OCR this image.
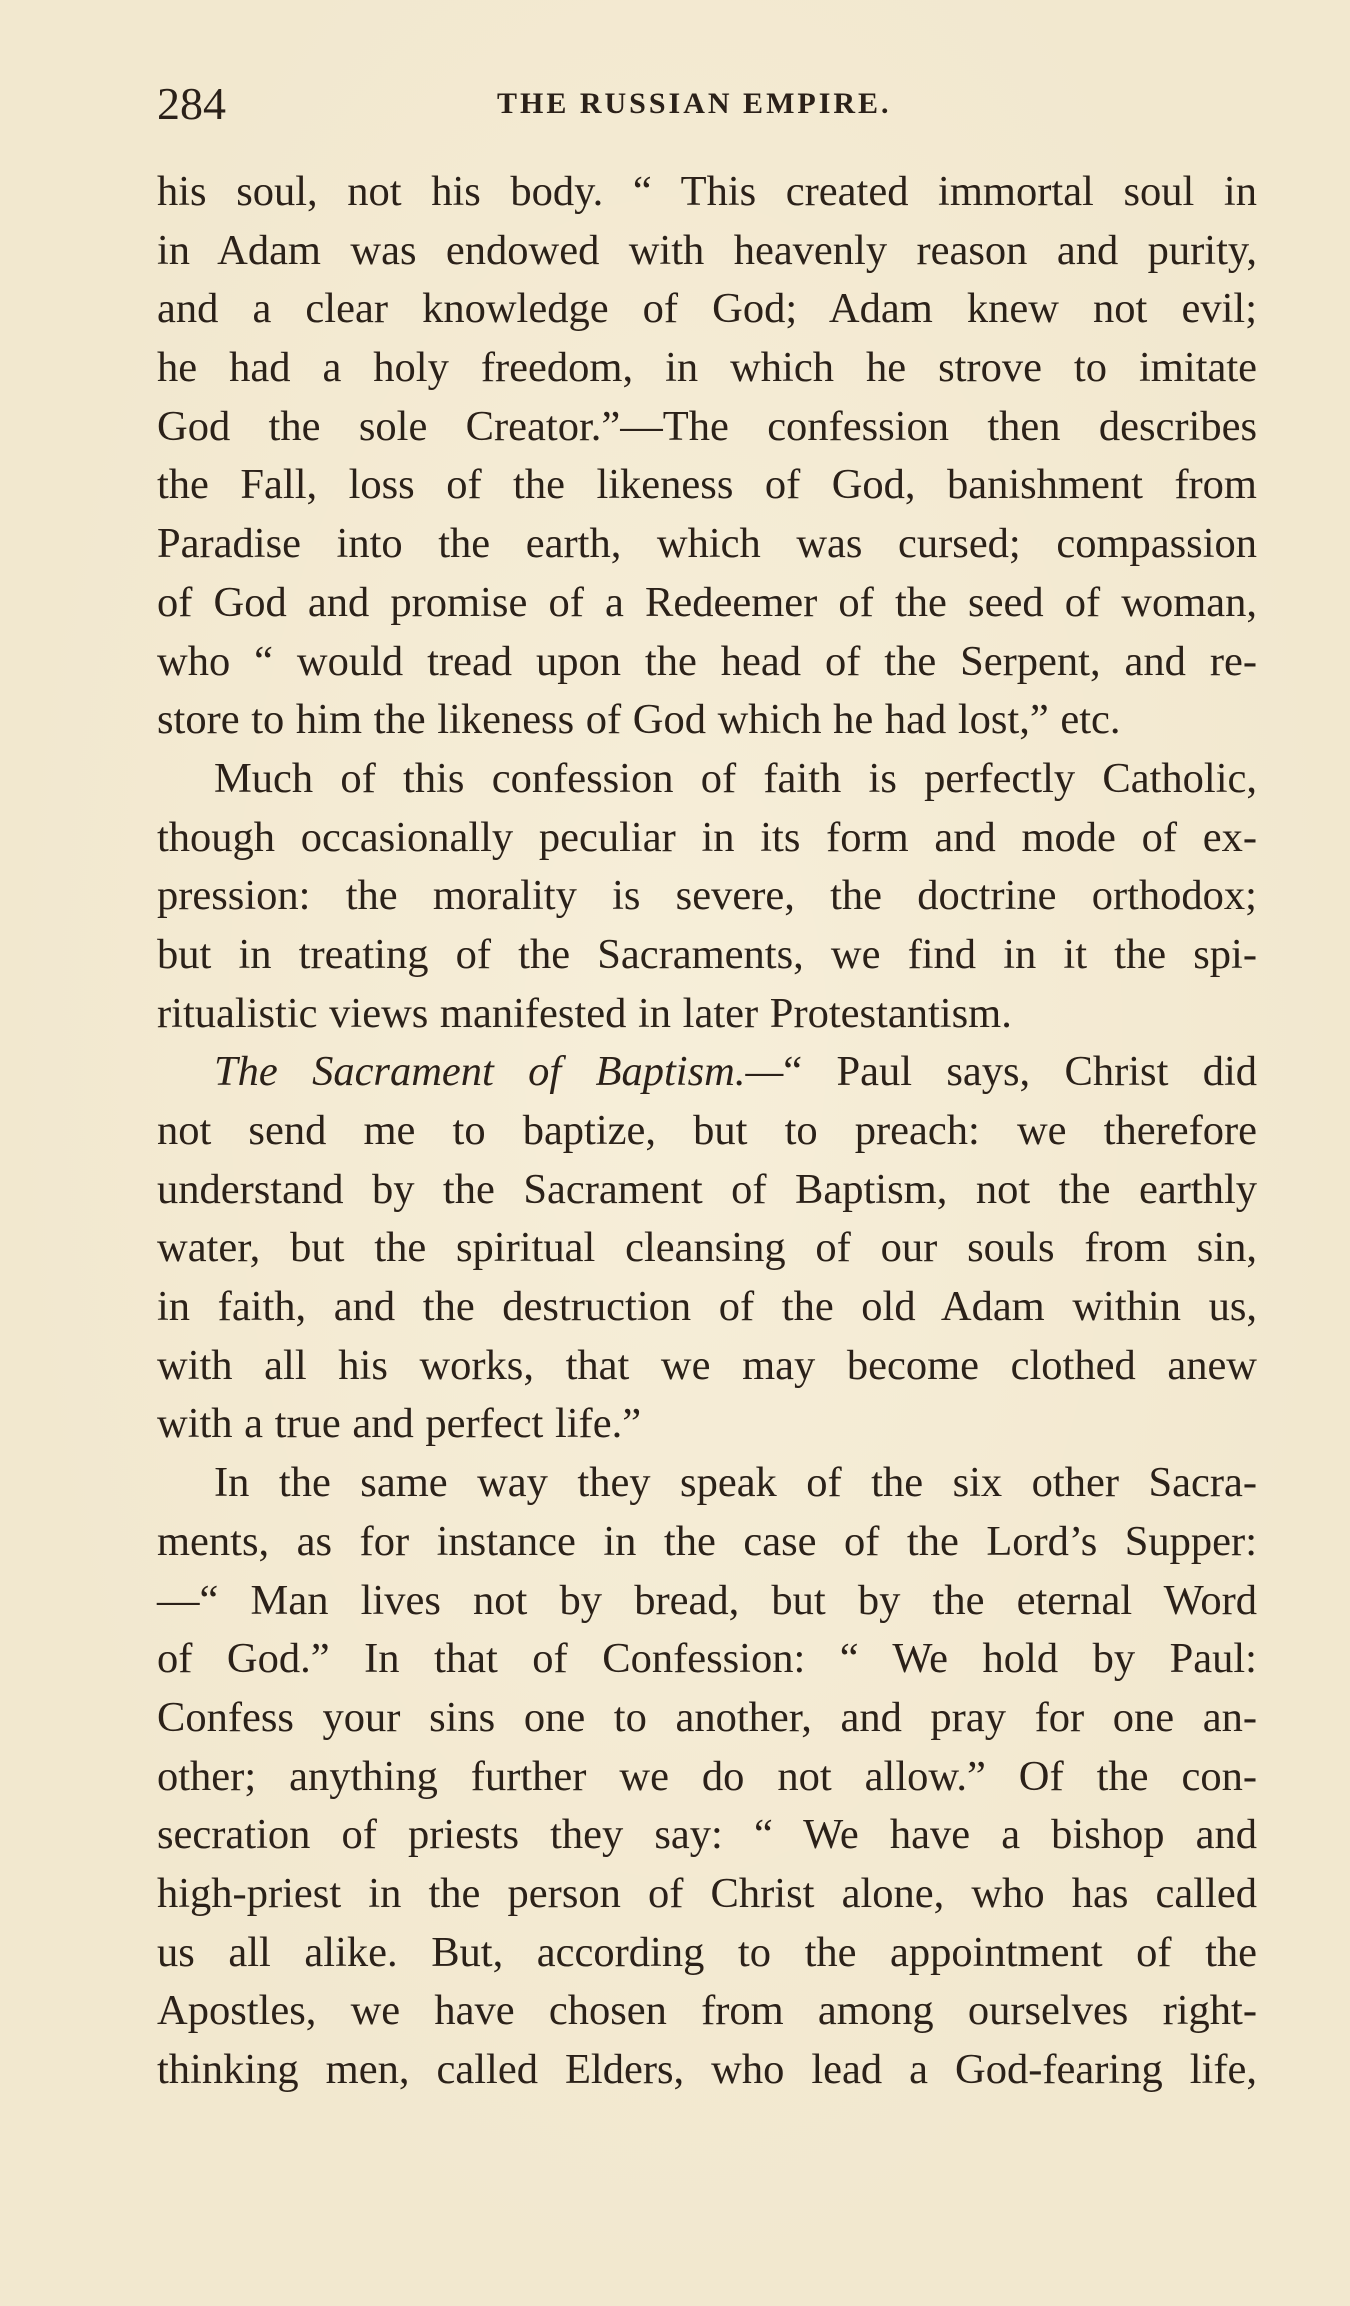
284	THE RUSSIAN EMPIRE.
his soul, not his body. “ This created immortal soul in
in Adam was endowed with heavenly reason and purity,
and a clear knowledge of God; Adam knew not evil;
he had a holy freedom, in which he strove to imitate
God the sole Creator.”—The confession then describes
the Fall, loss of the likeness of God, banishment from
Paradise into the earth, which was cursed; compassion
of God and promise of a Redeemer of the seed of woman,
who “ would tread upon the head of the Serpent, and re-
store to him the likeness of God which he had lost,” etc.
Much of this confession of faith is perfectly Catholic,
though occasionally peculiar in its form and mode of ex-
pression: the morality is severe, the doctrine orthodox;
but in treating of the Sacraments, we find in it the spi-
ritualistic views manifested in later Protestantism.
The Sacrament of Baptism.—“ Paul says, Christ did
not send me to baptize, but to preach: we therefore
understand by the Sacrament of Baptism, not the earthly
water, but the spiritual cleansing of our souls from sin,
in faith, and the destruction of the old Adam within us,
with all his works, that we may become clothed anew
with a true and perfect life.”
In the same way they speak of the six other Sacra-
ments, as for instance in the case of the Lord’s Supper:
—“ Man lives not by bread, but by the eternal Word
of God.” In that of Confession: “ We hold by Paul:
Confess your sins one to another, and pray for one an-
other; anything further we do not allow.” Of the con-
secration of priests they say: “ We have a bishop and
high-priest in the person of Christ alone, who has called
us all alike. But, according to the appointment of the
Apostles, we have chosen from among ourselves right-
thinking men, called Elders, who lead a God-fearing life,
